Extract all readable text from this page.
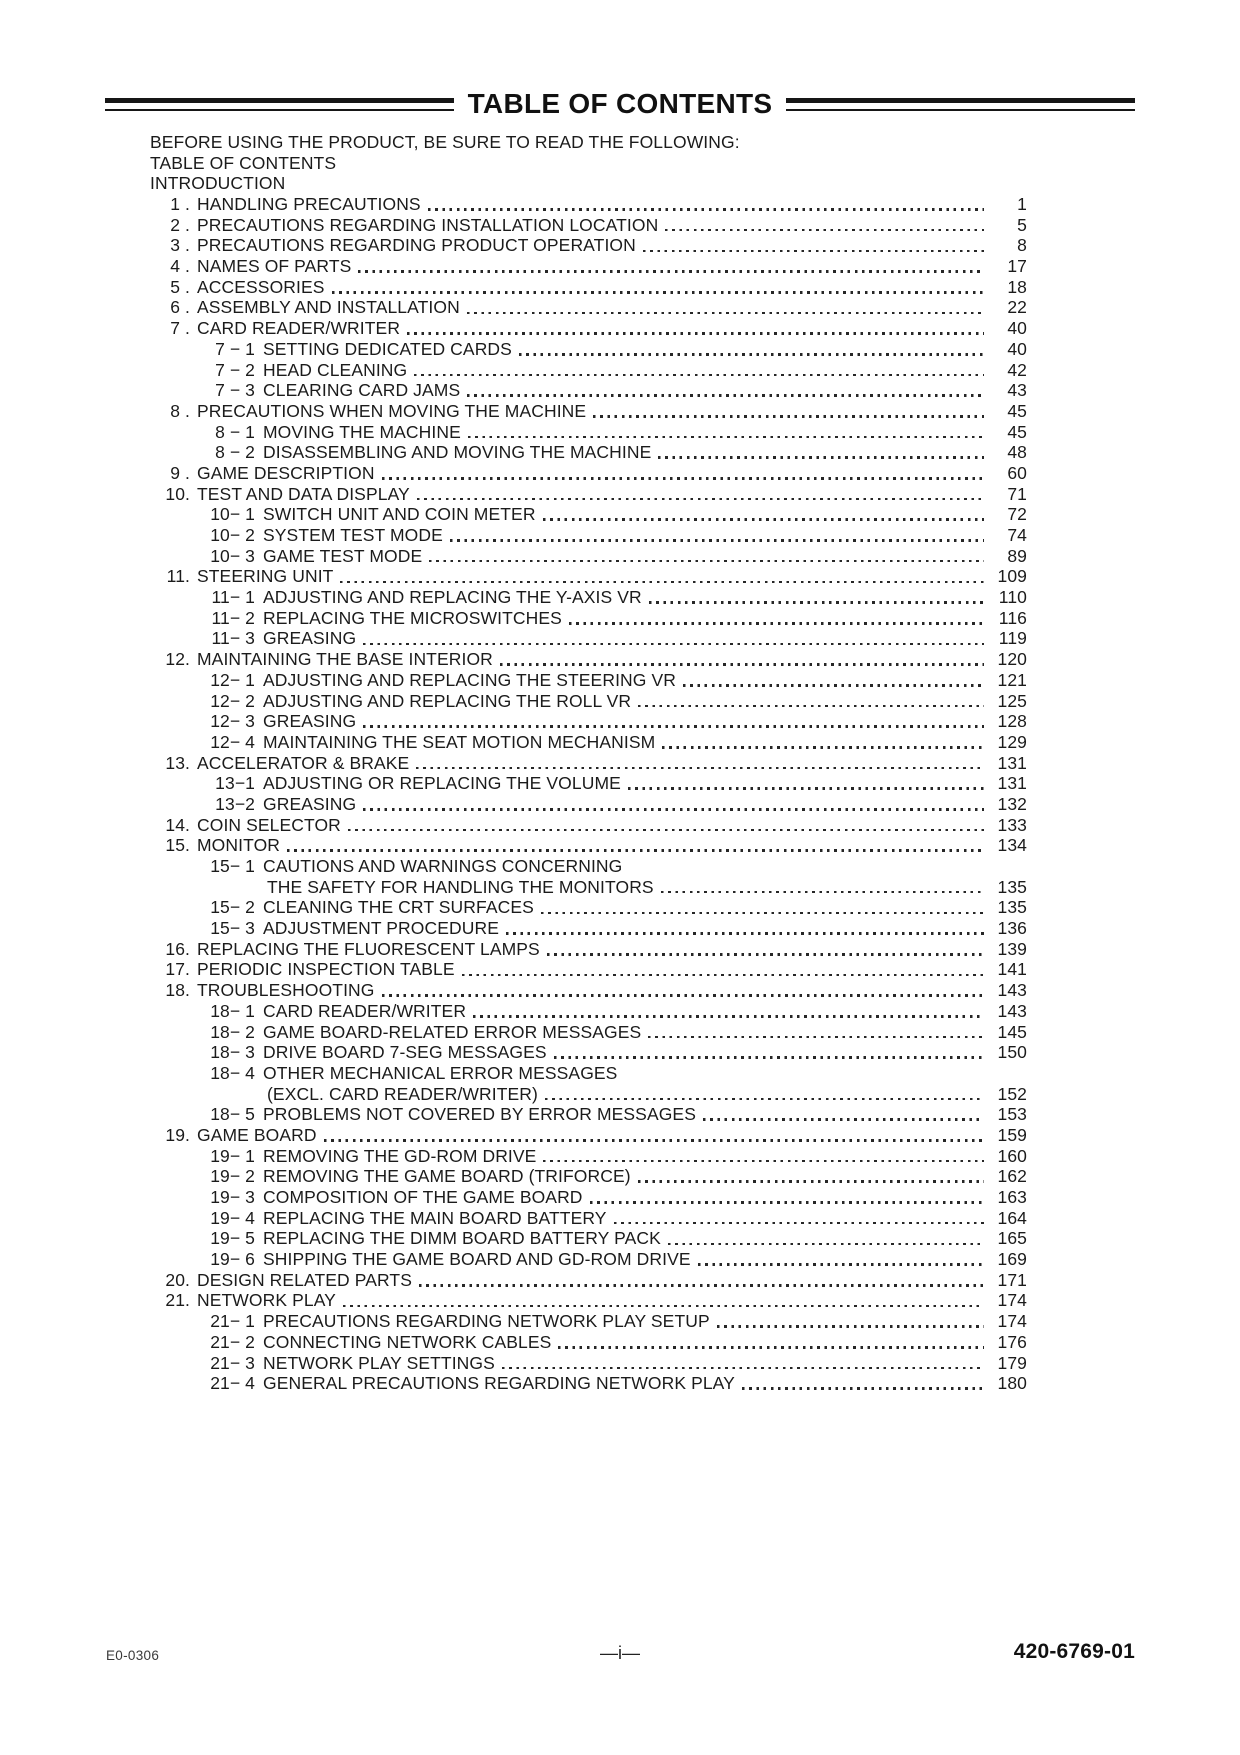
TABLE OF CONTENTS
BEFORE USING THE PRODUCT, BE SURE TO READ THE FOLLOWING:
TABLE OF CONTENTS
INTRODUCTION
1 . HANDLING PRECAUTIONS	1
2 . PRECAUTIONS REGARDING INSTALLATION LOCATION	5
3 . PRECAUTIONS REGARDING PRODUCT OPERATION	8
4 . NAMES OF PARTS	17
5 . ACCESSORIES	18
6 . ASSEMBLY AND INSTALLATION	22
7 . CARD READER/WRITER	40
7 − 1 SETTING DEDICATED CARDS	40
7 − 2 HEAD CLEANING	42
7 − 3 CLEARING CARD JAMS	43
8 . PRECAUTIONS WHEN MOVING THE MACHINE	45
8 − 1 MOVING THE MACHINE	45
8 − 2 DISASSEMBLING AND MOVING THE MACHINE	48
9 . GAME DESCRIPTION	60
10. TEST AND DATA DISPLAY	71
10− 1 SWITCH UNIT AND COIN METER	72
10− 2 SYSTEM TEST MODE	74
10− 3 GAME TEST MODE	89
11. STEERING UNIT	109
11− 1 ADJUSTING AND REPLACING THE Y-AXIS VR	110
11− 2 REPLACING THE MICROSWITCHES	116
11− 3 GREASING	119
12. MAINTAINING THE BASE INTERIOR	120
12− 1 ADJUSTING AND REPLACING THE STEERING VR	121
12− 2 ADJUSTING AND REPLACING THE ROLL VR	125
12− 3 GREASING	128
12− 4 MAINTAINING THE SEAT MOTION MECHANISM	129
13. ACCELERATOR & BRAKE	131
13−1 ADJUSTING OR REPLACING THE VOLUME	131
13−2 GREASING	132
14. COIN SELECTOR	133
15. MONITOR	134
15− 1 CAUTIONS AND WARNINGS CONCERNING
THE SAFETY FOR HANDLING THE MONITORS	135
15− 2 CLEANING THE CRT SURFACES	135
15− 3 ADJUSTMENT PROCEDURE	136
16. REPLACING THE FLUORESCENT LAMPS	139
17. PERIODIC INSPECTION TABLE	141
18. TROUBLESHOOTING	143
18− 1 CARD READER/WRITER	143
18− 2 GAME BOARD-RELATED ERROR MESSAGES	145
18− 3 DRIVE BOARD 7-SEG MESSAGES	150
18− 4 OTHER MECHANICAL ERROR MESSAGES
(EXCL. CARD READER/WRITER)	152
18− 5 PROBLEMS NOT COVERED BY ERROR MESSAGES	153
19. GAME BOARD	159
19− 1 REMOVING THE GD-ROM DRIVE	160
19− 2 REMOVING THE GAME BOARD (TRIFORCE)	162
19− 3 COMPOSITION OF THE GAME BOARD	163
19− 4 REPLACING THE MAIN BOARD BATTERY	164
19− 5 REPLACING THE DIMM BOARD BATTERY PACK	165
19− 6 SHIPPING THE GAME BOARD AND GD-ROM DRIVE	169
20. DESIGN RELATED PARTS	171
21. NETWORK PLAY	174
21− 1 PRECAUTIONS REGARDING NETWORK PLAY SETUP	174
21− 2 CONNECTING NETWORK CABLES	176
21− 3 NETWORK PLAY SETTINGS	179
21− 4 GENERAL PRECAUTIONS REGARDING NETWORK PLAY	180
E0-0306	—i—	420-6769-01
